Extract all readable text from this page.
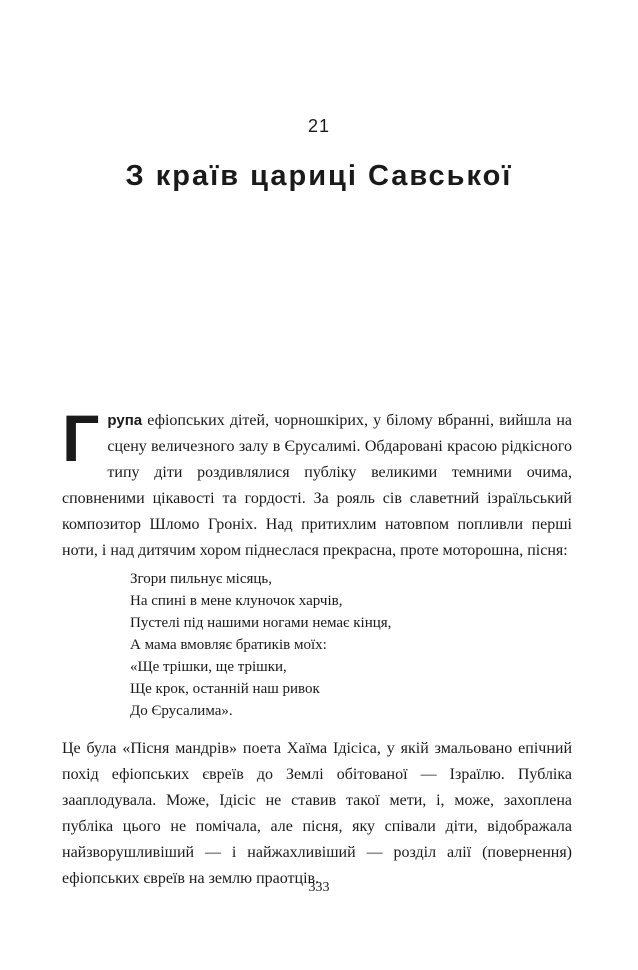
21
З країв цариці Савської
Група ефіопських дітей, чорношкірих, у білому вбранні, вийшла на сцену величезного залу в Єрусалимі. Обдаровані красою рідкісного типу діти роздивлялися публіку великими темними очима, сповненими цікавості та гордості. За рояль сів славетний ізраїльський композитор Шломо Гроніх. Над притихлим натовпом попливли перші ноти, і над дитячим хором піднеслася прекрасна, проте моторошна, пісня:
Згори пильнує місяць,
На спині в мене клуночок харчів,
Пустелі під нашими ногами немає кінця,
А мама вмовляє братиків моїх:
«Ще трішки, ще трішки,
Ще крок, останній наш ривок
До Єрусалима».
Це була «Пісня мандрів» поета Хаїма Ідісіса, у якій змальовано епічний похід ефіопських євреїв до Землі обітованої — Ізраїлю. Публіка зааплодувала. Може, Ідісіс не ставив такої мети, і, може, захоплена публіка цього не помічала, але пісня, яку співали діти, відображала найзворушливіший — і найжахливіший — розділ алії (повернення) ефіопських євреїв на землю праотців.
333
